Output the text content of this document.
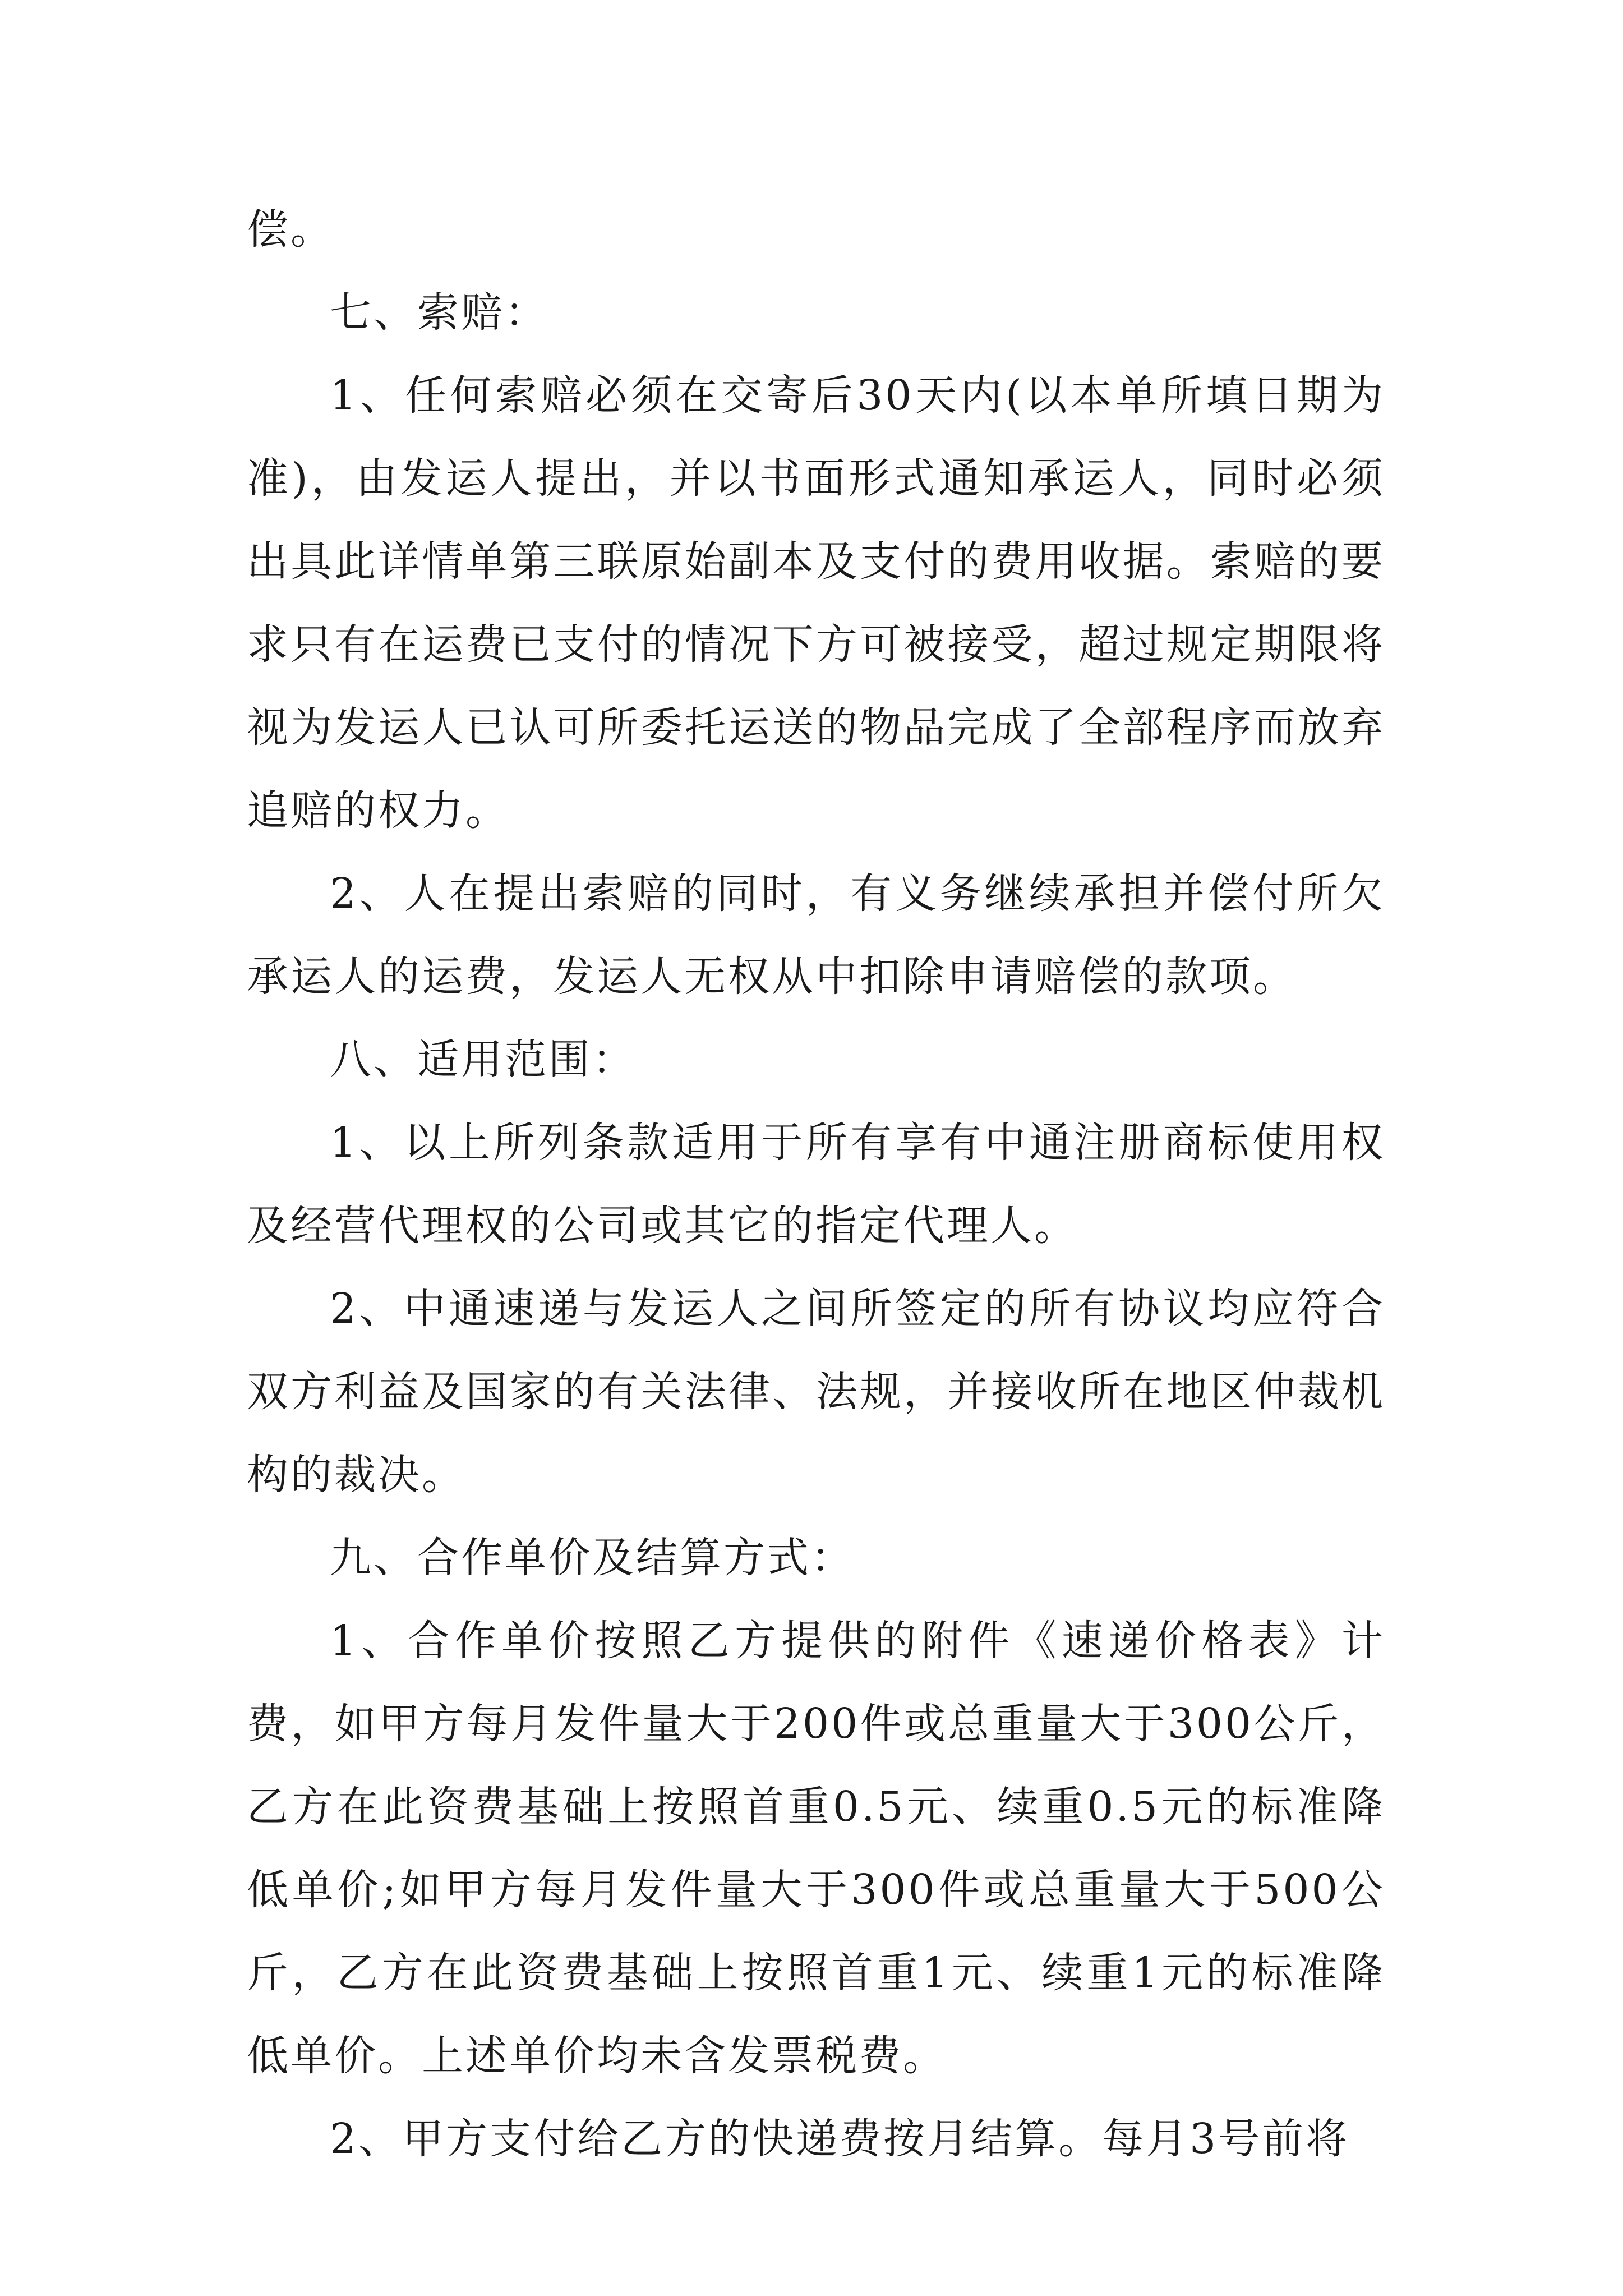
偿。

七、索赔：

1、任何索赔必须在交寄后30天内(以本单所填日期为准)，由发运人提出，并以书面形式通知承运人，同时必须出具此详情单第三联原始副本及支付的费用收据。索赔的要求只有在运费已支付的情况下方可被接受，超过规定期限将视为发运人已认可所委托运送的物品完成了全部程序而放弃追赔的权力。

2、人在提出索赔的同时，有义务继续承担并偿付所欠承运人的运费，发运人无权从中扣除申请赔偿的款项。

八、适用范围：

1、以上所列条款适用于所有享有中通注册商标使用权及经营代理权的公司或其它的指定代理人。

2、中通速递与发运人之间所签定的所有协议均应符合双方利益及国家的有关法律、法规，并接收所在地区仲裁机构的裁决。

九、合作单价及结算方式：

1、合作单价按照乙方提供的附件《速递价格表》计费，如甲方每月发件量大于200件或总重量大于300公斤，乙方在此资费基础上按照首重0.5元、续重0.5元的标准降低单价;如甲方每月发件量大于300件或总重量大于500公斤，乙方在此资费基础上按照首重1元、续重1元的标准降低单价。上述单价均未含发票税费。

2、甲方支付给乙方的快递费按月结算。每月3号前将
